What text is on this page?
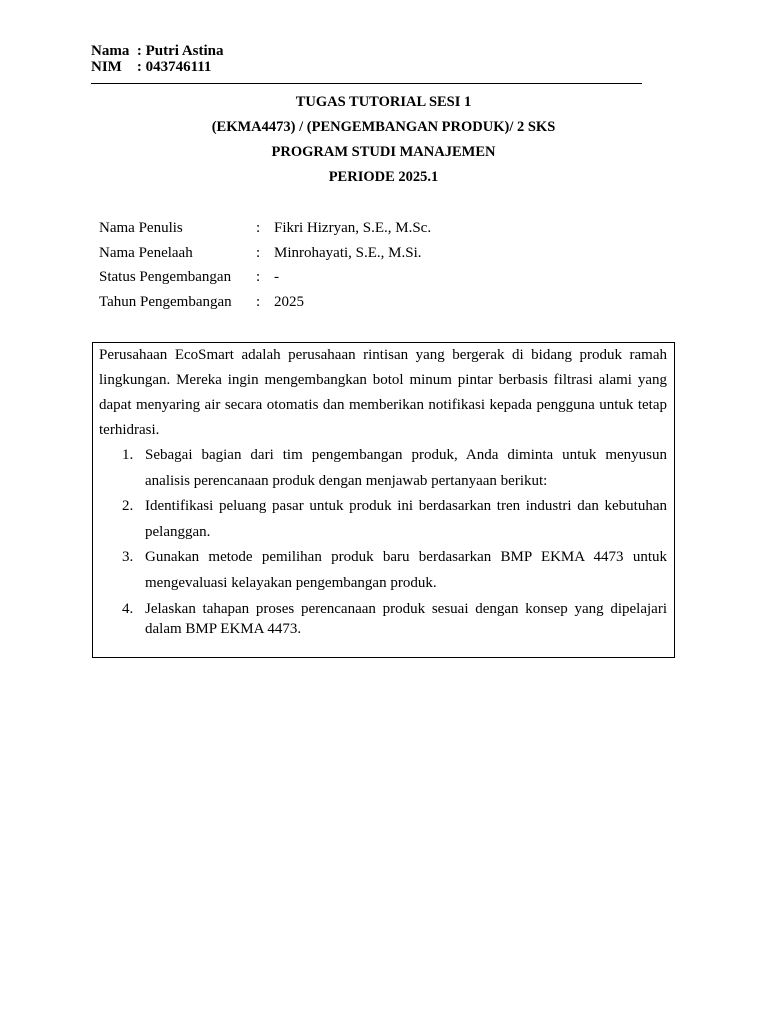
Nama  : Putri Astina
NIM    : 043746111
TUGAS TUTORIAL SESI 1
(EKMA4473) / (PENGEMBANGAN PRODUK)/ 2 SKS
PROGRAM STUDI MANAJEMEN
PERIODE 2025.1
Nama Penulis	:	Fikri Hizryan, S.E., M.Sc.
Nama Penelaah	:	Minrohayati, S.E., M.Si.
Status Pengembangan	:	-
Tahun Pengembangan	:	2025

Perusahaan EcoSmart adalah perusahaan rintisan yang bergerak di bidang produk ramah lingkungan. Mereka ingin mengembangkan botol minum pintar berbasis filtrasi alami yang dapat menyaring air secara otomatis dan memberikan notifikasi kepada pengguna untuk tetap terhidrasi.

1. Sebagai bagian dari tim pengembangan produk, Anda diminta untuk menyusun analisis perencanaan produk dengan menjawab pertanyaan berikut:
2. Identifikasi peluang pasar untuk produk ini berdasarkan tren industri dan kebutuhan pelanggan.
3. Gunakan metode pemilihan produk baru berdasarkan BMP EKMA 4473 untuk mengevaluasi kelayakan pengembangan produk.
4. Jelaskan tahapan proses perencanaan produk sesuai dengan konsep yang dipelajari dalam BMP EKMA 4473.
